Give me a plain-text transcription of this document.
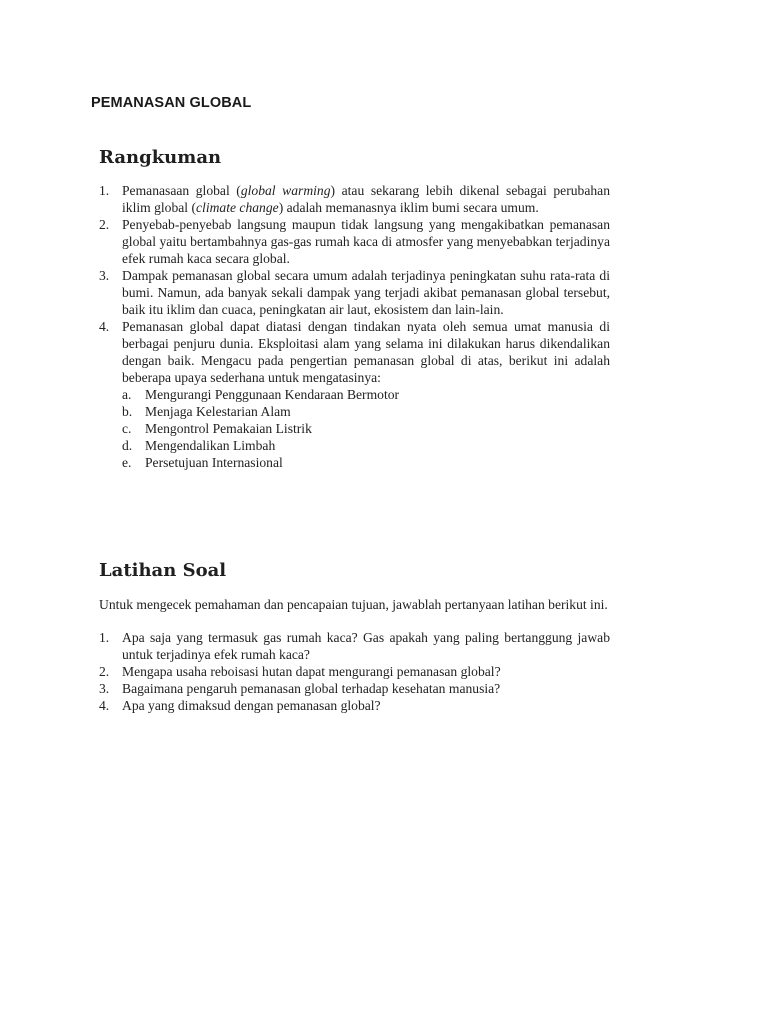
PEMANASAN GLOBAL
Rangkuman
1. Pemanasaan global (global warming) atau sekarang lebih dikenal sebagai perubahan iklim global (climate change) adalah memanasnya iklim bumi secara umum.
2. Penyebab-penyebab langsung maupun tidak langsung yang mengakibatkan pemanasan global yaitu bertambahnya gas-gas rumah kaca di atmosfer yang menyebabkan terjadinya efek rumah kaca secara global.
3. Dampak pemanasan global secara umum adalah terjadinya peningkatan suhu rata-rata di bumi. Namun, ada banyak sekali dampak yang terjadi akibat pemanasan global tersebut, baik itu iklim dan cuaca, peningkatan air laut, ekosistem dan lain-lain.
4. Pemanasan global dapat diatasi dengan tindakan nyata oleh semua umat manusia di berbagai penjuru dunia. Eksploitasi alam yang selama ini dilakukan harus dikendalikan dengan baik. Mengacu pada pengertian pemanasan global di atas, berikut ini adalah beberapa upaya sederhana untuk mengatasinya:
a. Mengurangi Penggunaan Kendaraan Bermotor
b. Menjaga Kelestarian Alam
c. Mengontrol Pemakaian Listrik
d. Mengendalikan Limbah
e. Persetujuan Internasional
Latihan Soal

Untuk mengecek pemahaman dan pencapaian tujuan, jawablah pertanyaan latihan berikut ini.

1. Apa saja yang termasuk gas rumah kaca? Gas apakah yang paling bertanggung jawab untuk terjadinya efek rumah kaca?
2. Mengapa usaha reboisasi hutan dapat mengurangi pemanasan global?
3. Bagaimana pengaruh pemanasan global terhadap kesehatan manusia?
4. Apa yang dimaksud dengan pemanasan global?
